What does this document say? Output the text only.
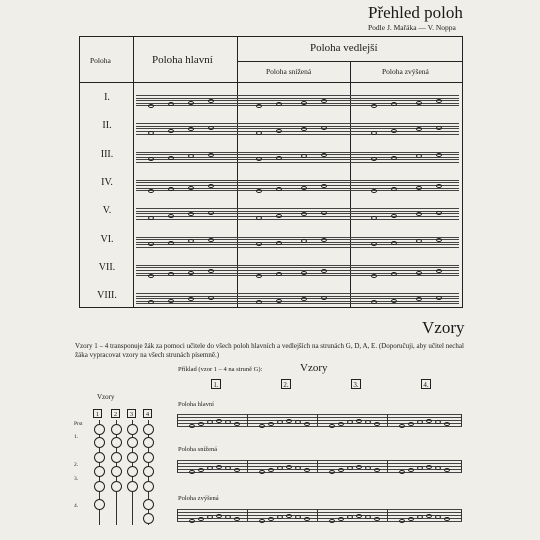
Přehled poloh
Podle J. Mařáka — V. Noppa
Poloha	Poloha hlavní
Poloha vedlejší
Poloha snížená	Poloha zvýšená
I.
II.
III.
IV.
V.
VI.
VII.
VIII.
Vzory
Vzory 1 – 4 transponuje žák za pomoci učitele do všech poloh hlavních a vedlejších na strunách G, D, A, E. (Doporučuji, aby učitel nechal žáka vypracovat vzory na všech strunách písemně.)
Příklad (vzor 1 – 4 na struně G):	Vzory
1.	2.	3.	4.
Vzory
1	2	3	4
Prst
1.
2.
3.
4.
Poloha hlavní
Poloha snížená
Poloha zvýšená
